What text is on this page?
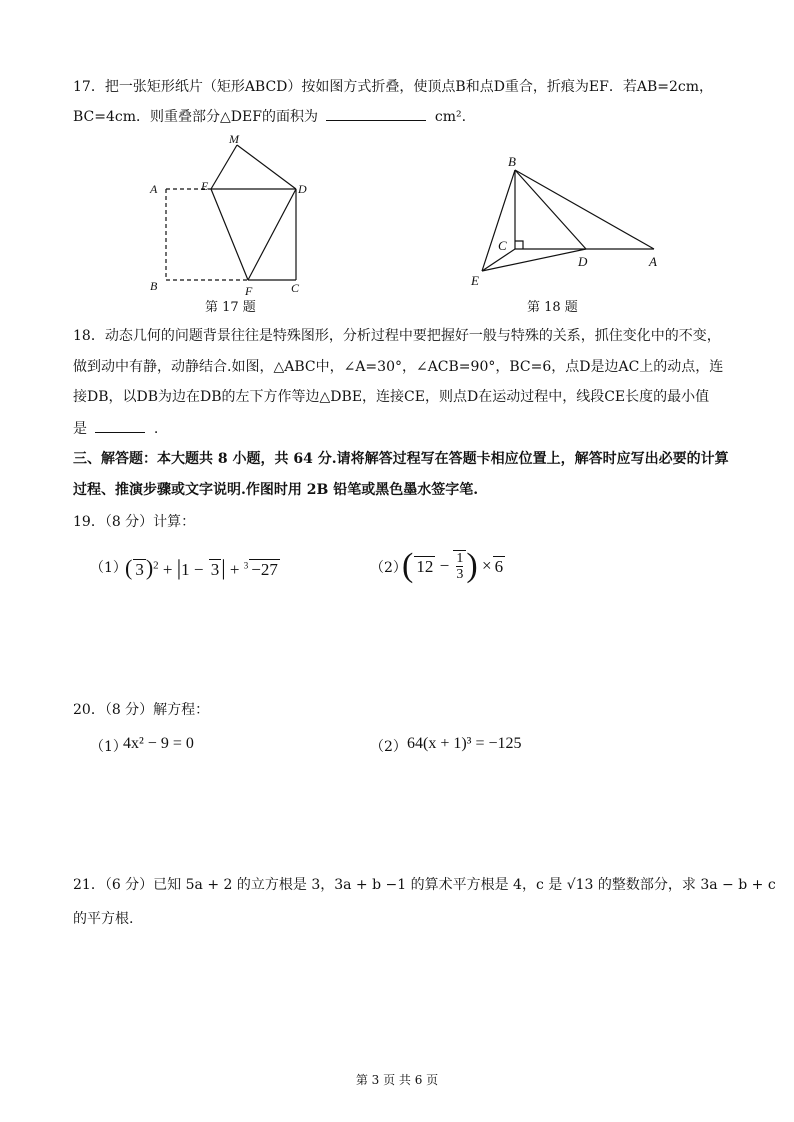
17．把一张矩形纸片（矩形ABCD）按如图方式折叠，使顶点B和点D重合，折痕为EF．若AB=2cm，
BC=4cm．则重叠部分△DEF的面积为	cm².
M
A	E	D
B	F	C
第 17 题
B
C
D	A
E
第 18 题
18．动态几何的问题背景往往是特殊图形，分析过程中要把握好一般与特殊的关系，抓住变化中的不变，
做到动中有静，动静结合.如图，△ABC中，∠A=30°，∠ACB=90°，BC=6，点D是边AC上的动点，连
接DB，以DB为边在DB的左下方作等边△DBE，连接CE，则点D在运动过程中，线段CE长度的最小值
是	.
三、解答题：本大题共 8 小题，共 64 分.请将解答过程写在答题卡相应位置上，解答时应写出必要的计算
过程、推演步骤或文字说明.作图时用 2B 铅笔或黑色墨水签字笔.
19．（8 分）计算：
（1）
( 3)$^2$ + |1 − 3| + $^3$ −27	（2）
( $12 - \frac{1}{3}$ ) × 6
20．（8 分）解方程：
（1）
4x² − 9 = 0	（2） 64(x + 1)³ = −125
21．（6 分）已知 5a + 2 的立方根是 3，3a + b −1 的算术平方根是 4，c 是 √13 的整数部分，求 3a − b + c
的平方根.
第 3 页 共 6 页
